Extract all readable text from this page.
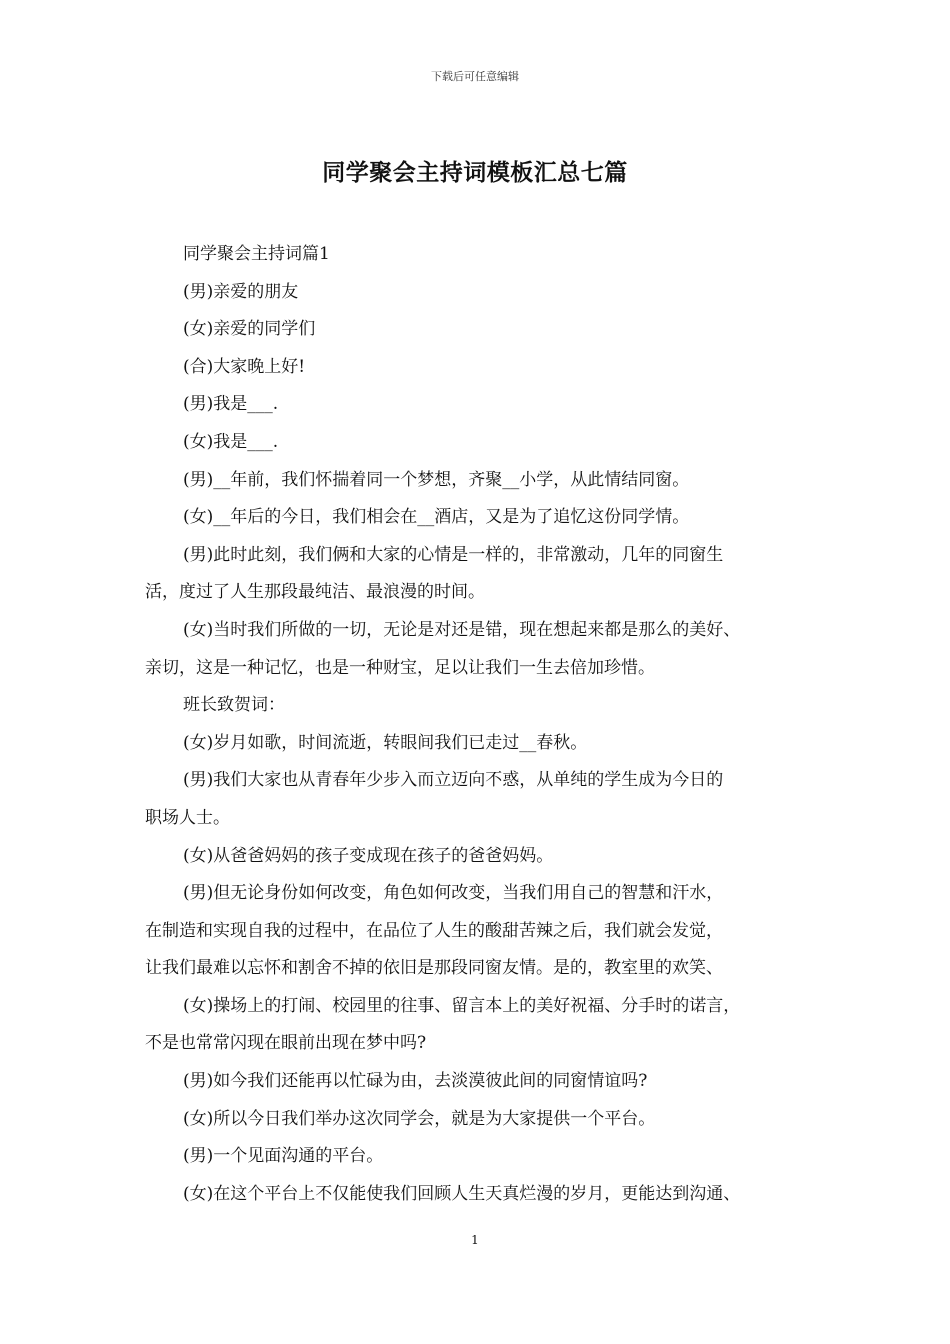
下载后可任意编辑
同学聚会主持词模板汇总七篇

同学聚会主持词篇1

(男)亲爱的朋友

(女)亲爱的同学们

(合)大家晚上好!

(男)我是___.

(女)我是___.

(男)__年前，我们怀揣着同一个梦想，齐聚__小学，从此情结同窗。

(女)__年后的今日，我们相会在__酒店，又是为了追忆这份同学情。

(男)此时此刻，我们俩和大家的心情是一样的，非常激动，几年的同窗生

活，度过了人生那段最纯洁、最浪漫的时间。

(女)当时我们所做的一切，无论是对还是错，现在想起来都是那么的美好、

亲切，这是一种记忆，也是一种财宝，足以让我们一生去倍加珍惜。

班长致贺词：

(女)岁月如歌，时间流逝，转眼间我们已走过__春秋。

(男)我们大家也从青春年少步入而立迈向不惑，从单纯的学生成为今日的

职场人士。

(女)从爸爸妈妈的孩子变成现在孩子的爸爸妈妈。

(男)但无论身份如何改变，角色如何改变，当我们用自己的智慧和汗水，

在制造和实现自我的过程中，在品位了人生的酸甜苦辣之后，我们就会发觉，

让我们最难以忘怀和割舍不掉的依旧是那段同窗友情。是的，教室里的欢笑、

(女)操场上的打闹、校园里的往事、留言本上的美好祝福、分手时的诺言，

不是也常常闪现在眼前出现在梦中吗?

(男)如今我们还能再以忙碌为由，去淡漠彼此间的同窗情谊吗?

(女)所以今日我们举办这次同学会，就是为大家提供一个平台。

(男)一个见面沟通的平台。

(女)在这个平台上不仅能使我们回顾人生天真烂漫的岁月，更能达到沟通、

1
